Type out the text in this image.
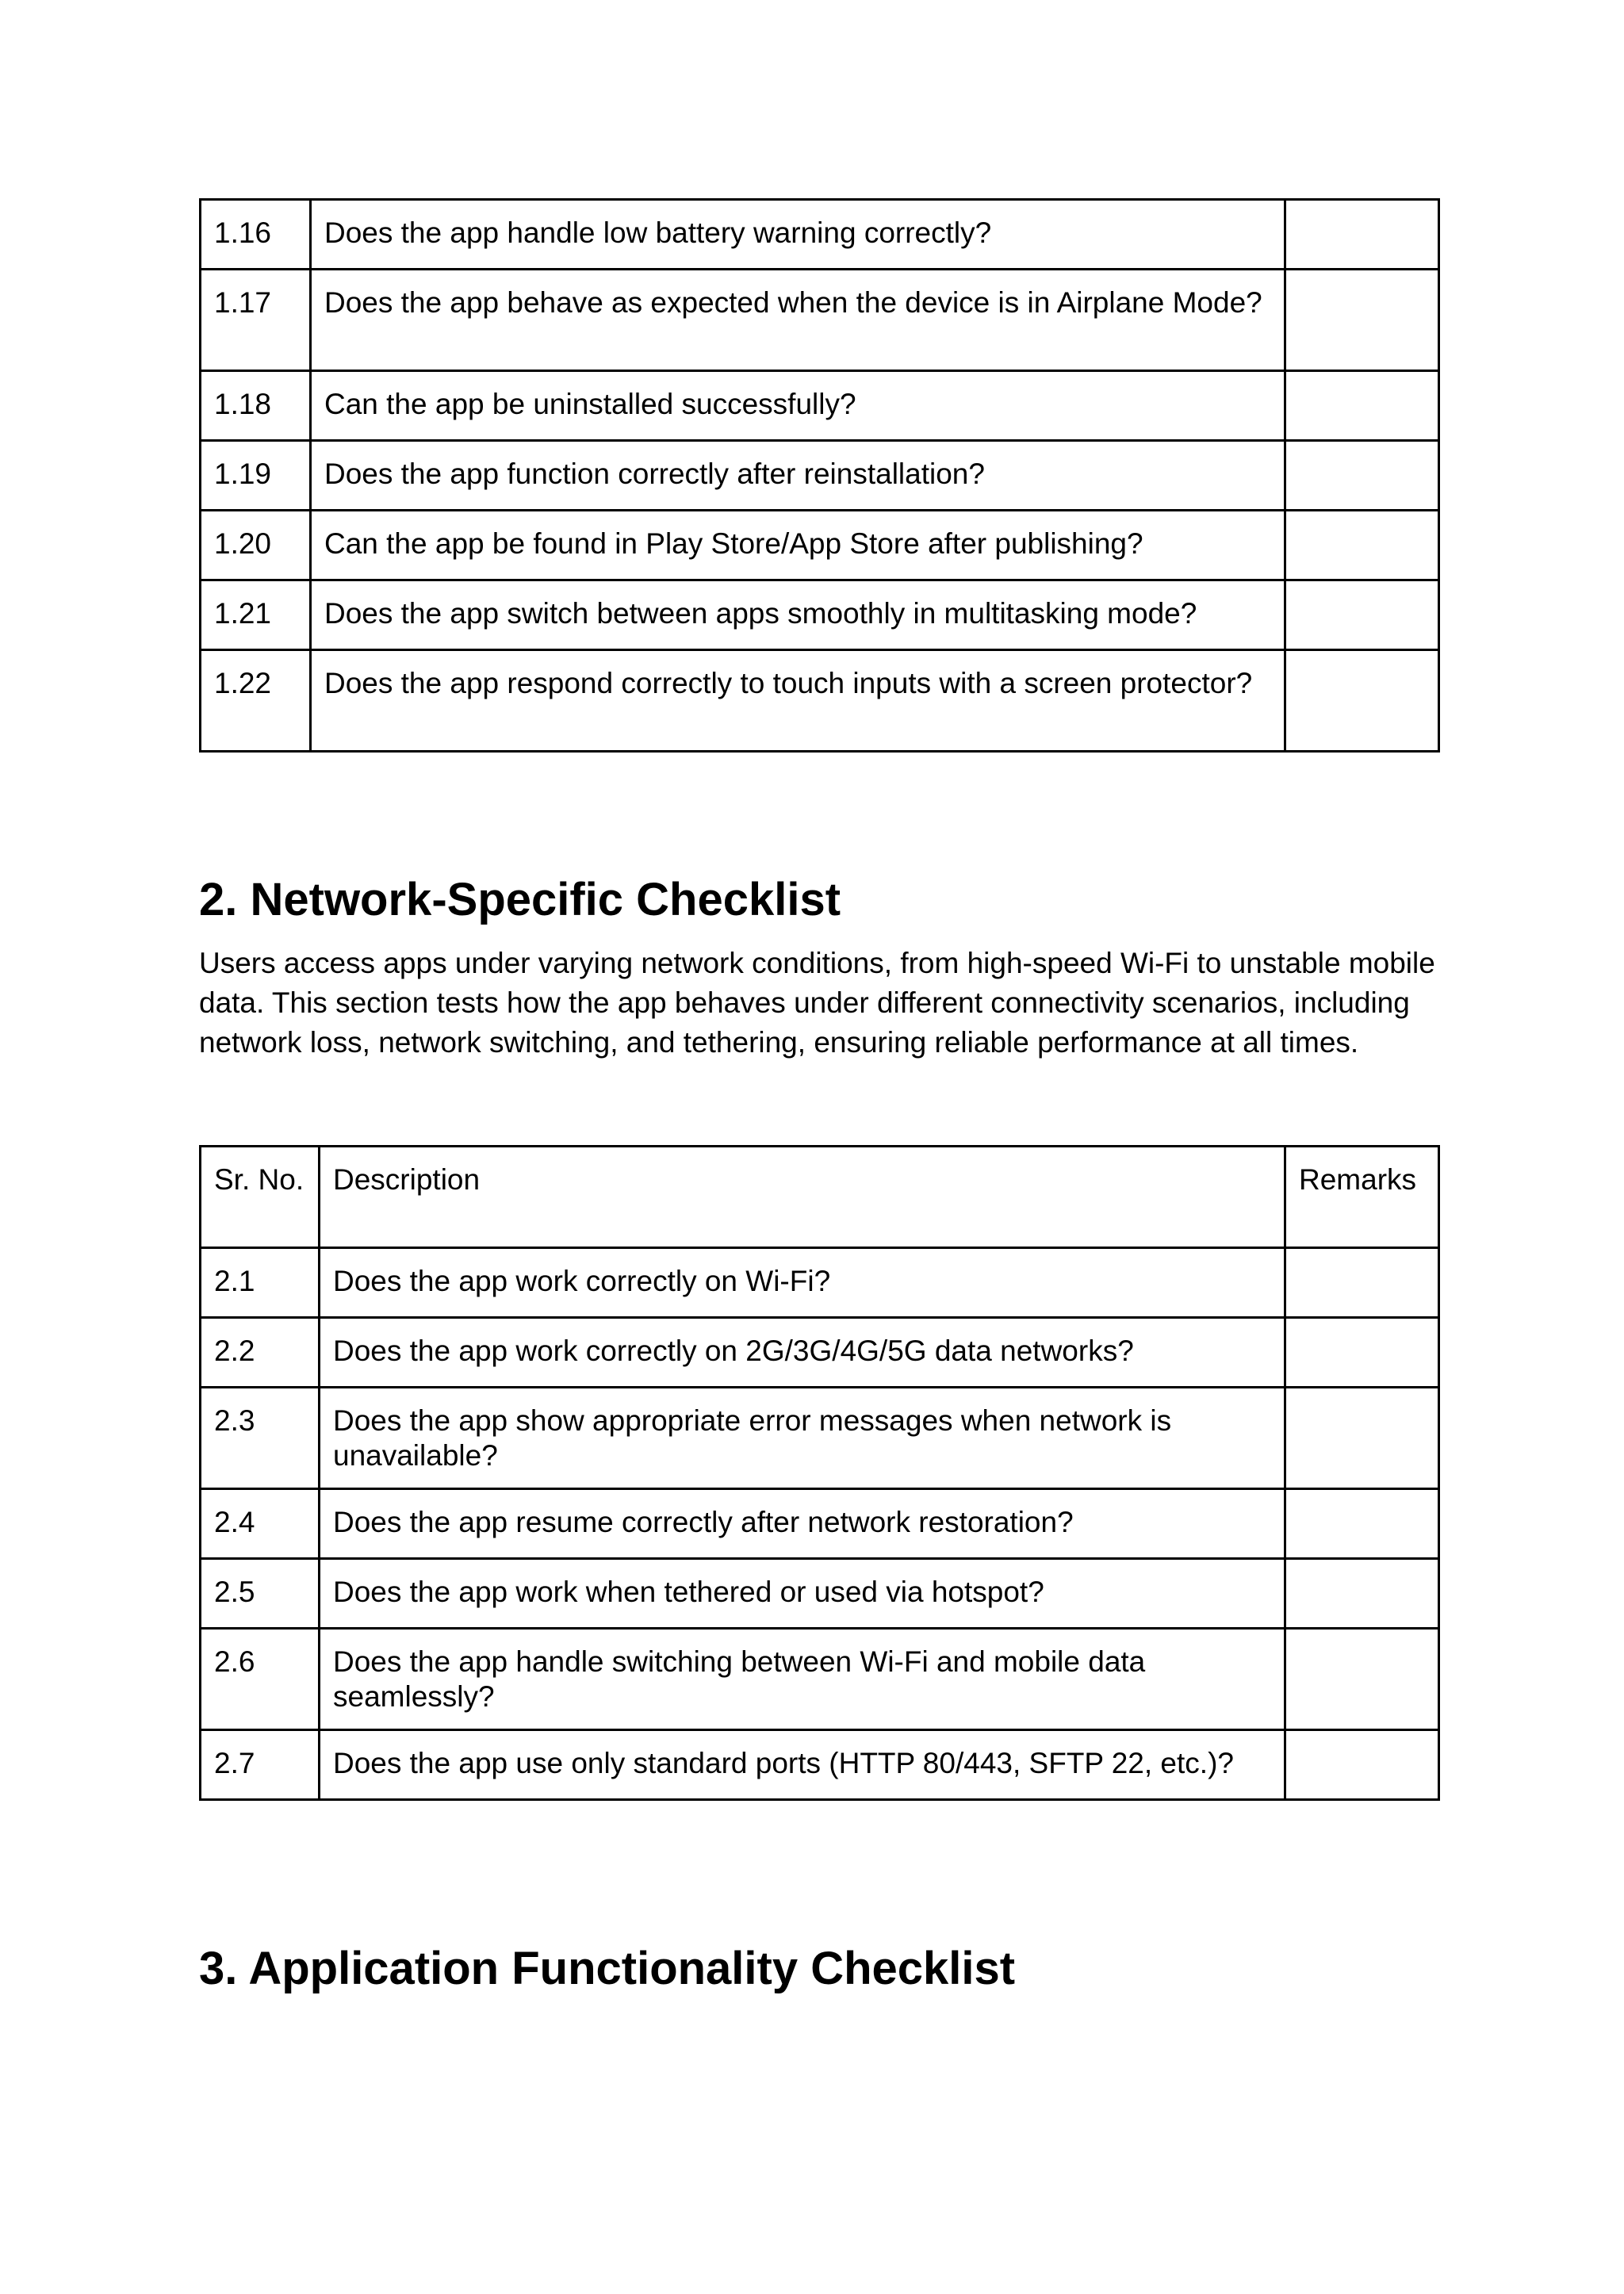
1.16	Does the app handle low battery warning correctly?	
1.17	Does the app behave as expected when the device is in Airplane Mode?	
1.18	Can the app be uninstalled successfully?	
1.19	Does the app function correctly after reinstallation?	
1.20	Can the app be found in Play Store/App Store after publishing?	
1.21	Does the app switch between apps smoothly in multitasking mode?	
1.22	Does the app respond correctly to touch inputs with a screen protector?	
2. Network-Specific Checklist

Users access apps under varying network conditions, from high-speed Wi-Fi to unstable mobile data. This section tests how the app behaves under different connectivity scenarios, including network loss, network switching, and tethering, ensuring reliable performance at all times.

Sr. No.	Description	Remarks
2.1	Does the app work correctly on Wi-Fi?	
2.2	Does the app work correctly on 2G/3G/4G/5G data networks?	
2.3	Does the app show appropriate error messages when network is unavailable?	
2.4	Does the app resume correctly after network restoration?	
2.5	Does the app work when tethered or used via hotspot?	
2.6	Does the app handle switching between Wi-Fi and mobile data seamlessly?	
2.7	Does the app use only standard ports (HTTP 80/443, SFTP 22, etc.)?	
3. Application Functionality Checklist
